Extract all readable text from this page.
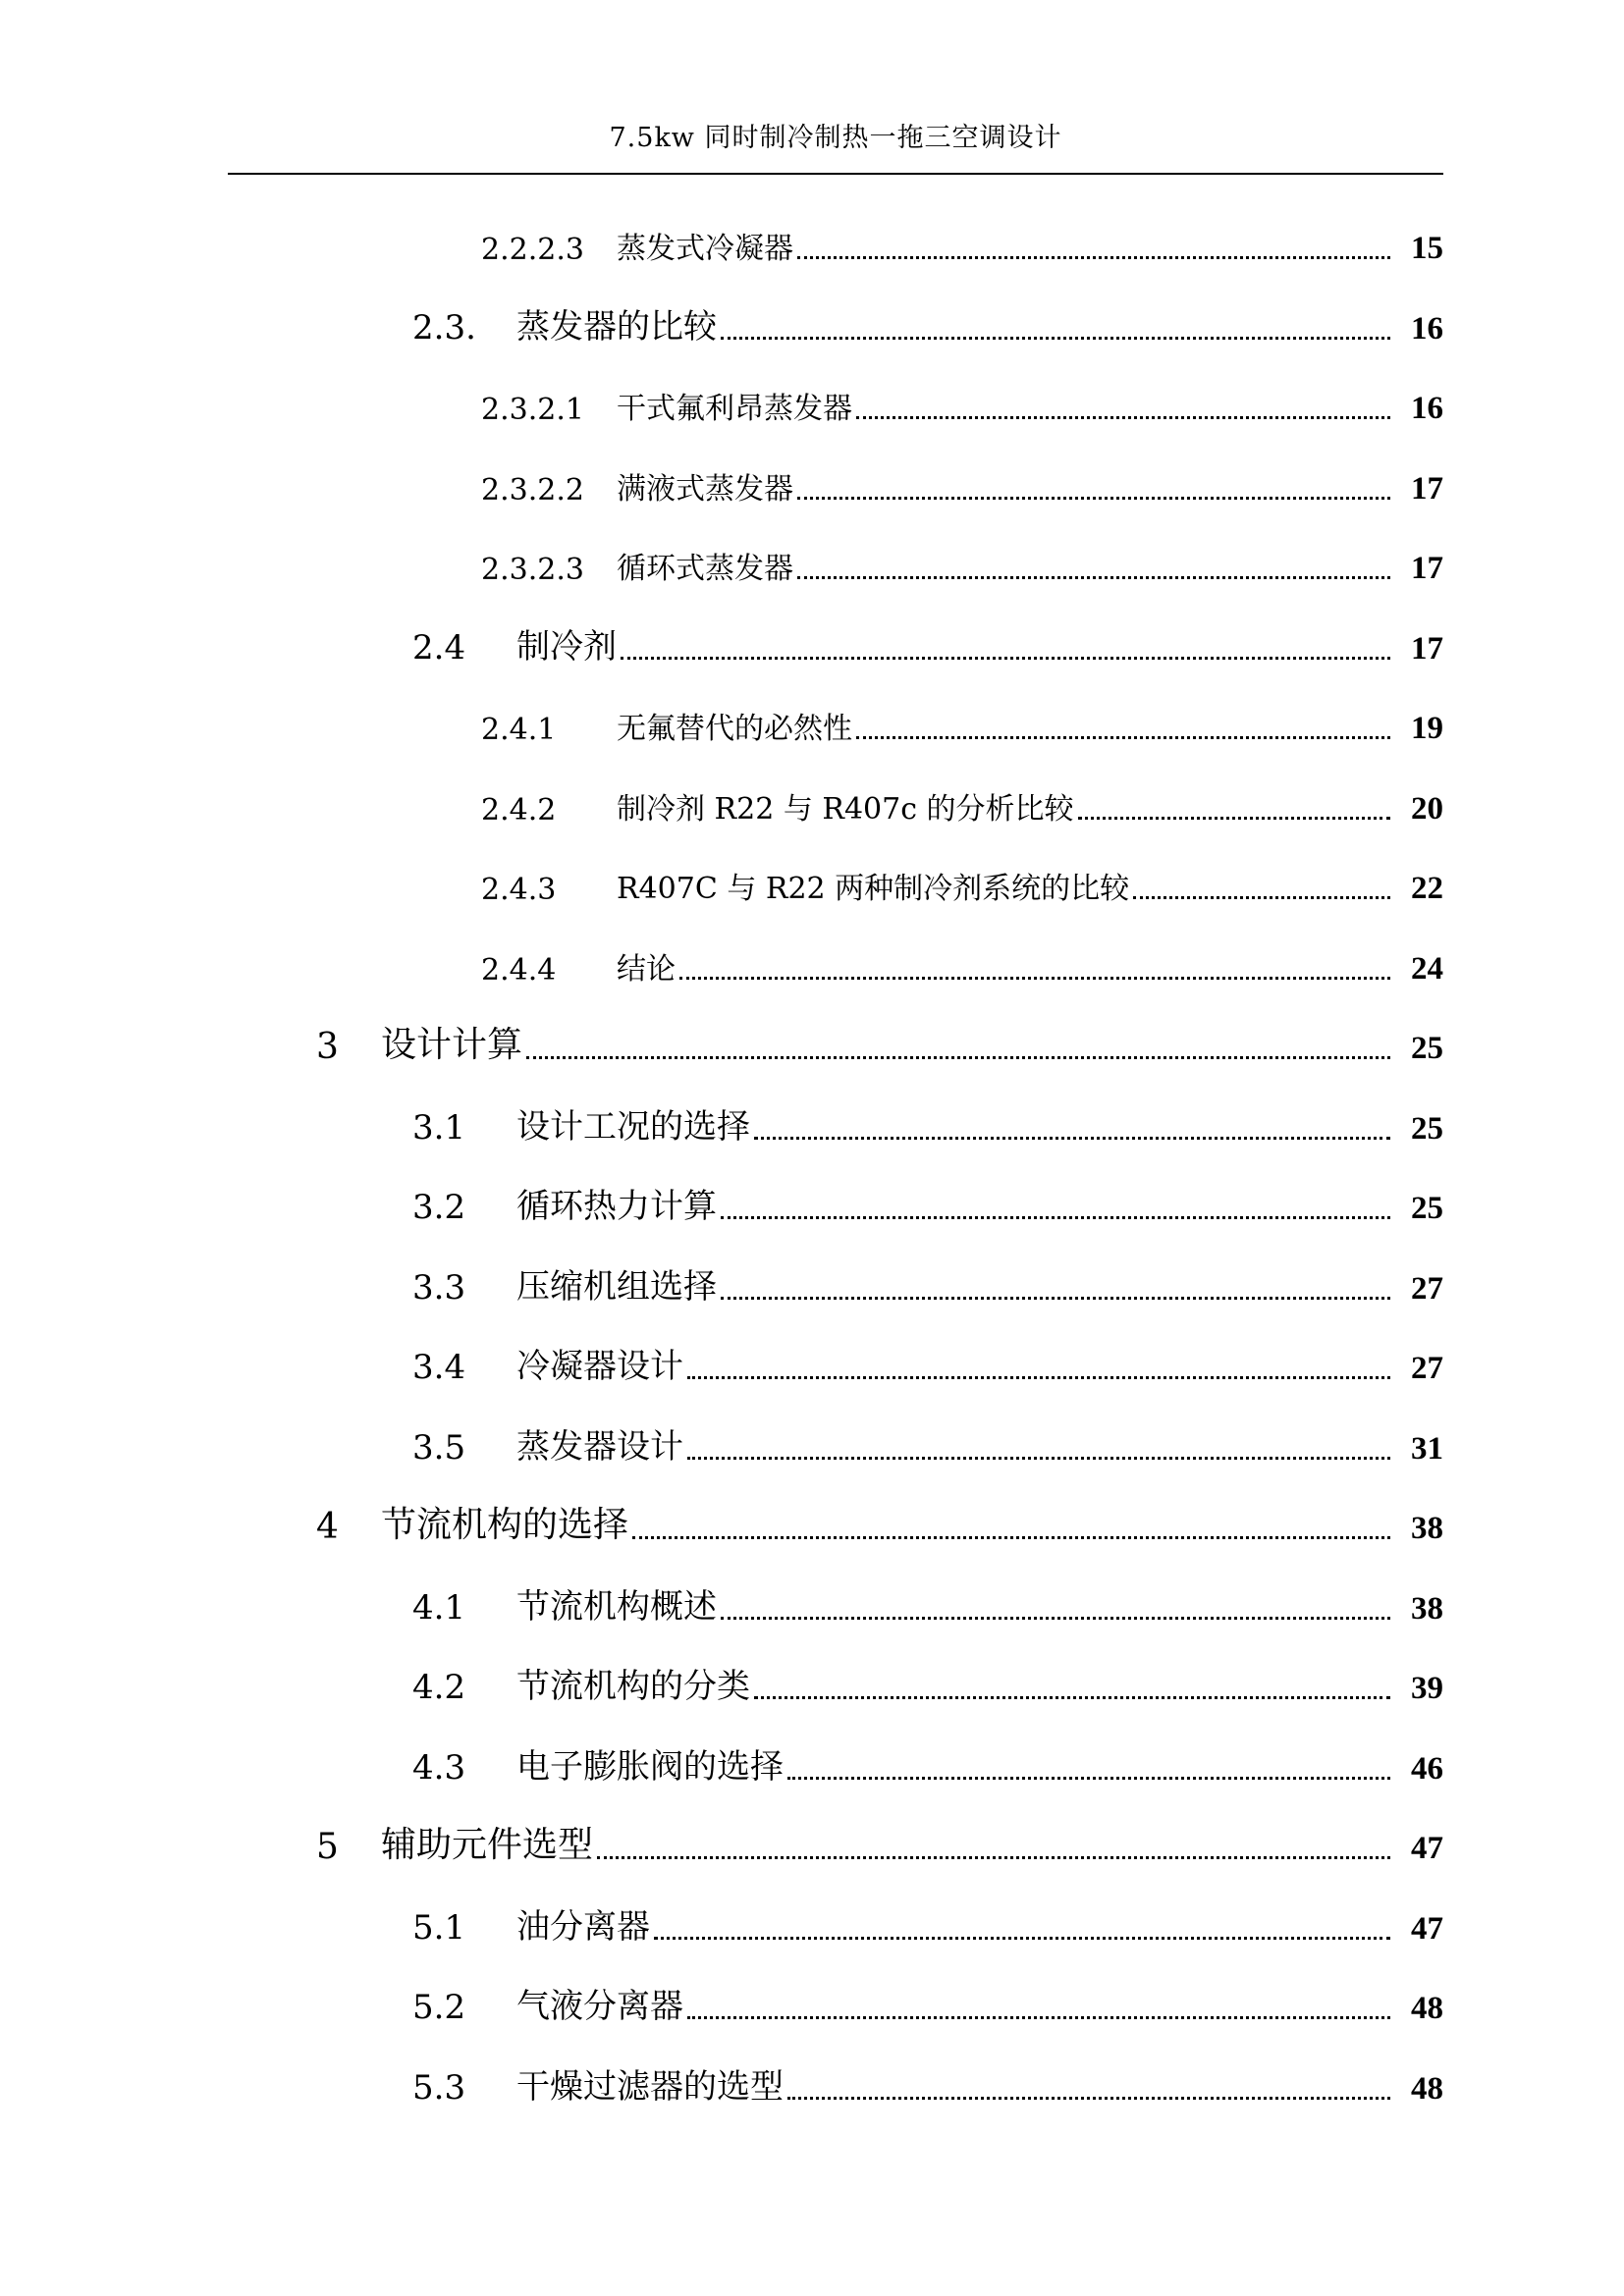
7.5kw 同时制冷制热一拖三空调设计
2.2.2.3	蒸发式冷凝器	15
2.3.	蒸发器的比较	16
2.3.2.1	干式氟利昂蒸发器	16
2.3.2.2	满液式蒸发器	17
2.3.2.3	循环式蒸发器	17
2.4	制冷剂	17
2.4.1	无氟替代的必然性	19
2.4.2	制冷剂 R22 与 R407c 的分析比较	20
2.4.3	R407C 与 R22 两种制冷剂系统的比较	22
2.4.4	结论	24
3	设计计算	25
3.1	设计工况的选择	25
3.2	循环热力计算	25
3.3	压缩机组选择	27
3.4	冷凝器设计	27
3.5	蒸发器设计	31
4	节流机构的选择	38
4.1	节流机构概述	38
4.2	节流机构的分类	39
4.3	电子膨胀阀的选择	46
5	辅助元件选型	47
5.1	油分离器	47
5.2	气液分离器	48
5.3	干燥过滤器的选型	48
